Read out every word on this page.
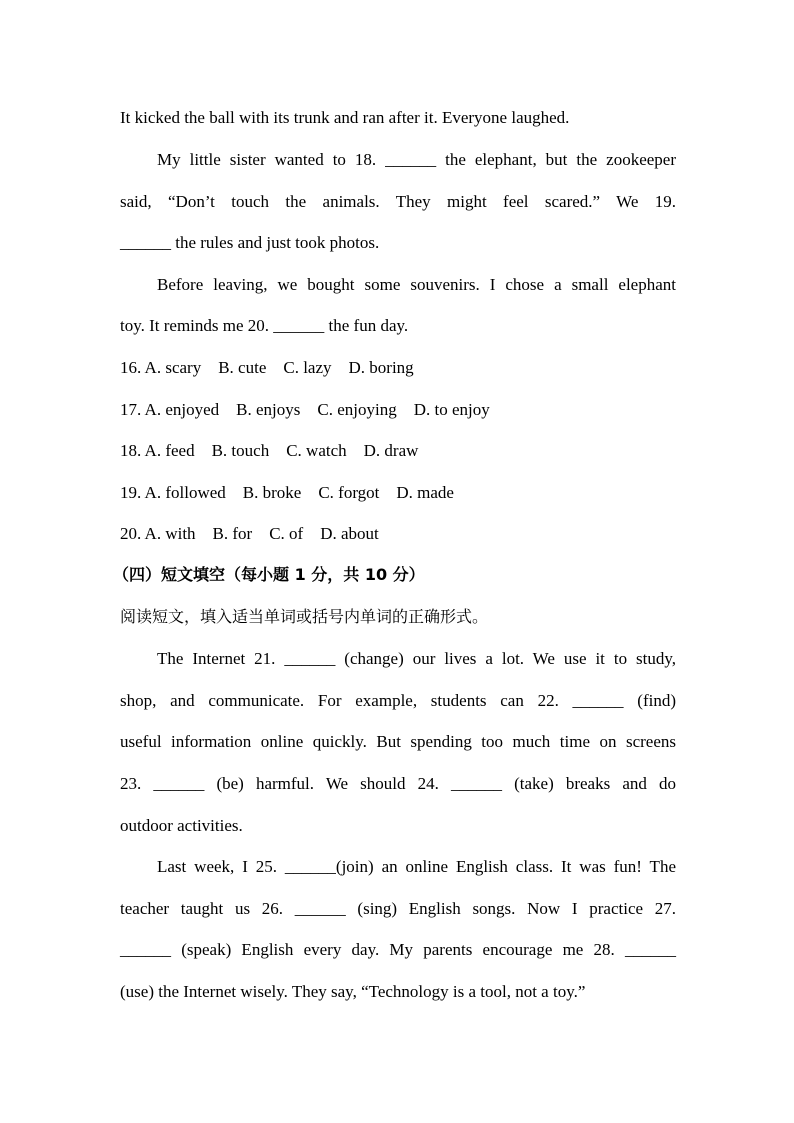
It kicked the ball with its trunk and ran after it. Everyone laughed.
My little sister wanted to 18. ______ the elephant, but the zookeeper
said, “Don’t touch the animals. They might feel scared.” We 19.
______ the rules and just took photos.
Before leaving, we bought some souvenirs. I chose a small elephant
toy. It reminds me 20. ______ the fun day.
16. A. scary    B. cute    C. lazy    D. boring
17. A. enjoyed    B. enjoys    C. enjoying    D. to enjoy
18. A. feed    B. touch    C. watch    D. draw
19. A. followed    B. broke    C. forgot    D. made
20. A. with    B. for    C. of    D. about
（四）短文填空（每小题 1 分，共 10 分）
阅读短文，填入适当单词或括号内单词的正确形式。
The Internet 21. ______ (change) our lives a lot. We use it to study,
shop, and communicate. For example, students can 22. ______ (find)
useful information online quickly. But spending too much time on screens
23. ______ (be) harmful. We should 24. ______ (take) breaks and do
outdoor activities.
Last week, I 25. ______(join) an online English class. It was fun! The
teacher taught us 26. ______ (sing) English songs. Now I practice 27.
______ (speak) English every day. My parents encourage me 28. ______
(use) the Internet wisely. They say, “Technology is a tool, not a toy.”
